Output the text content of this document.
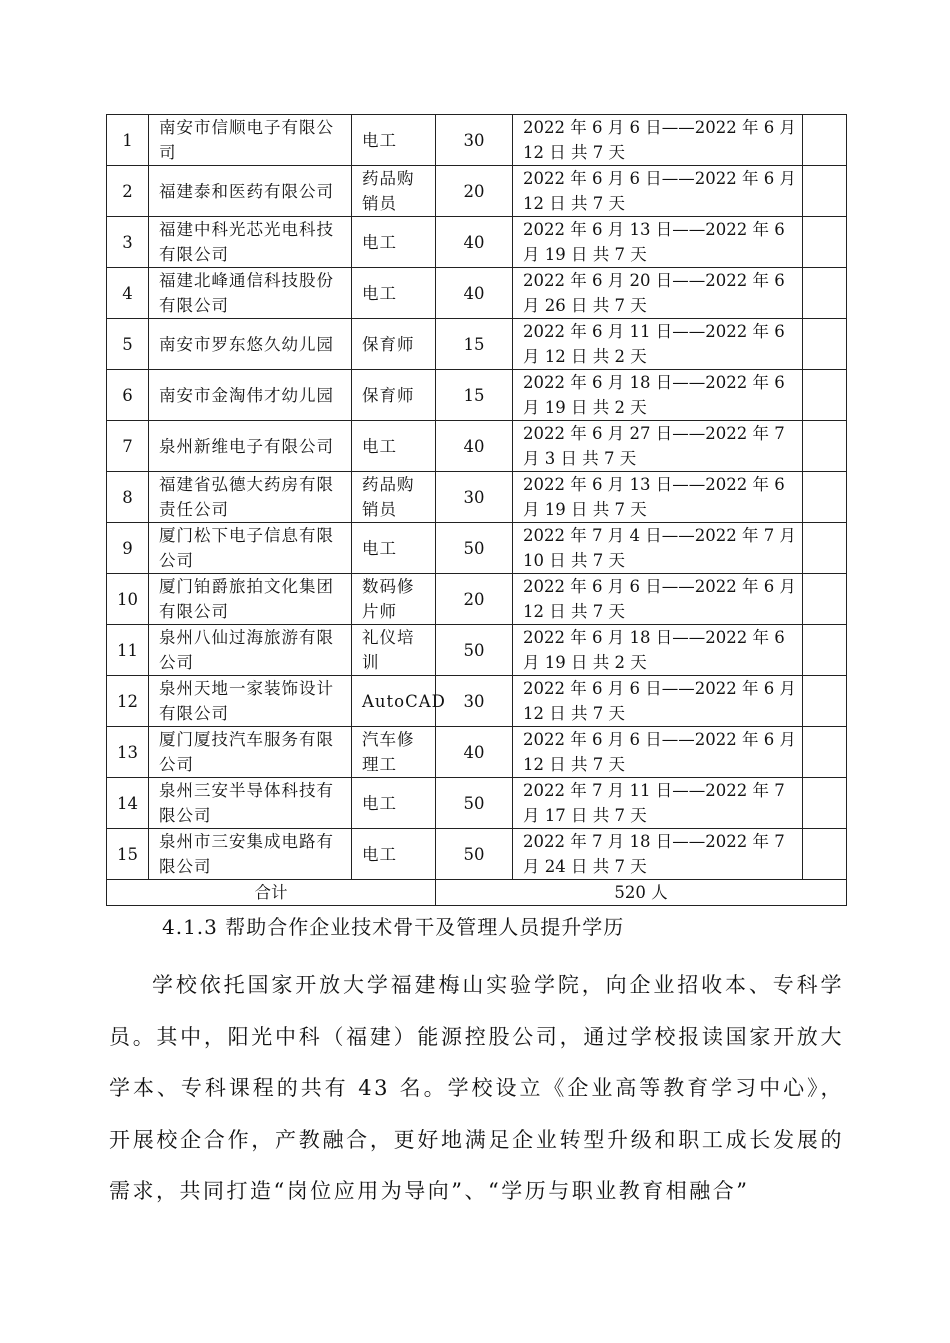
1	南安市信顺电子有限公司	电工	30	2022 年 6 月 6 日——2022 年 6 月 12 日 共 7 天	
2	福建泰和医药有限公司	药品购销员	20	2022 年 6 月 6 日——2022 年 6 月 12 日 共 7 天	
3	福建中科光芯光电科技有限公司	电工	40	2022 年 6 月 13 日——2022 年 6 月 19 日 共 7 天	
4	福建北峰通信科技股份有限公司	电工	40	2022 年 6 月 20 日——2022 年 6 月 26 日 共 7 天	
5	南安市罗东悠久幼儿园	保育师	15	2022 年 6 月 11 日——2022 年 6 月 12 日 共 2 天	
6	南安市金淘伟才幼儿园	保育师	15	2022 年 6 月 18 日——2022 年 6 月 19 日 共 2 天	
7	泉州新维电子有限公司	电工	40	2022 年 6 月 27 日——2022 年 7 月 3 日 共 7 天	
8	福建省弘德大药房有限责任公司	药品购销员	30	2022 年 6 月 13 日——2022 年 6 月 19 日 共 7 天	
9	厦门松下电子信息有限公司	电工	50	2022 年 7 月 4 日——2022 年 7 月 10 日 共 7 天	
10	厦门铂爵旅拍文化集团有限公司	数码修片师	20	2022 年 6 月 6 日——2022 年 6 月 12 日 共 7 天	
11	泉州八仙过海旅游有限公司	礼仪培训	50	2022 年 6 月 18 日——2022 年 6 月 19 日 共 2 天	
12	泉州天地一家装饰设计有限公司	AutoCAD	30	2022 年 6 月 6 日——2022 年 6 月 12 日 共 7 天	
13	厦门厦技汽车服务有限公司	汽车修理工	40	2022 年 6 月 6 日——2022 年 6 月 12 日 共 7 天	
14	泉州三安半导体科技有限公司	电工	50	2022 年 7 月 11 日——2022 年 7 月 17 日 共 7 天	
15	泉州市三安集成电路有限公司	电工	50	2022 年 7 月 18 日——2022 年 7 月 24 日 共 7 天	
合计			520 人		
4.1.3 帮助合作企业技术骨干及管理人员提升学历

学校依托国家开放大学福建梅山实验学院，向企业招收本、专科学员。其中，阳光中科（福建）能源控股公司，通过学校报读国家开放大学本、专科课程的共有 43 名。学校设立《企业高等教育学习中心》，开展校企合作，产教融合，更好地满足企业转型升级和职工成长发展的需求，共同打造“岗位应用为导向”、“学历与职业教育相融合”
